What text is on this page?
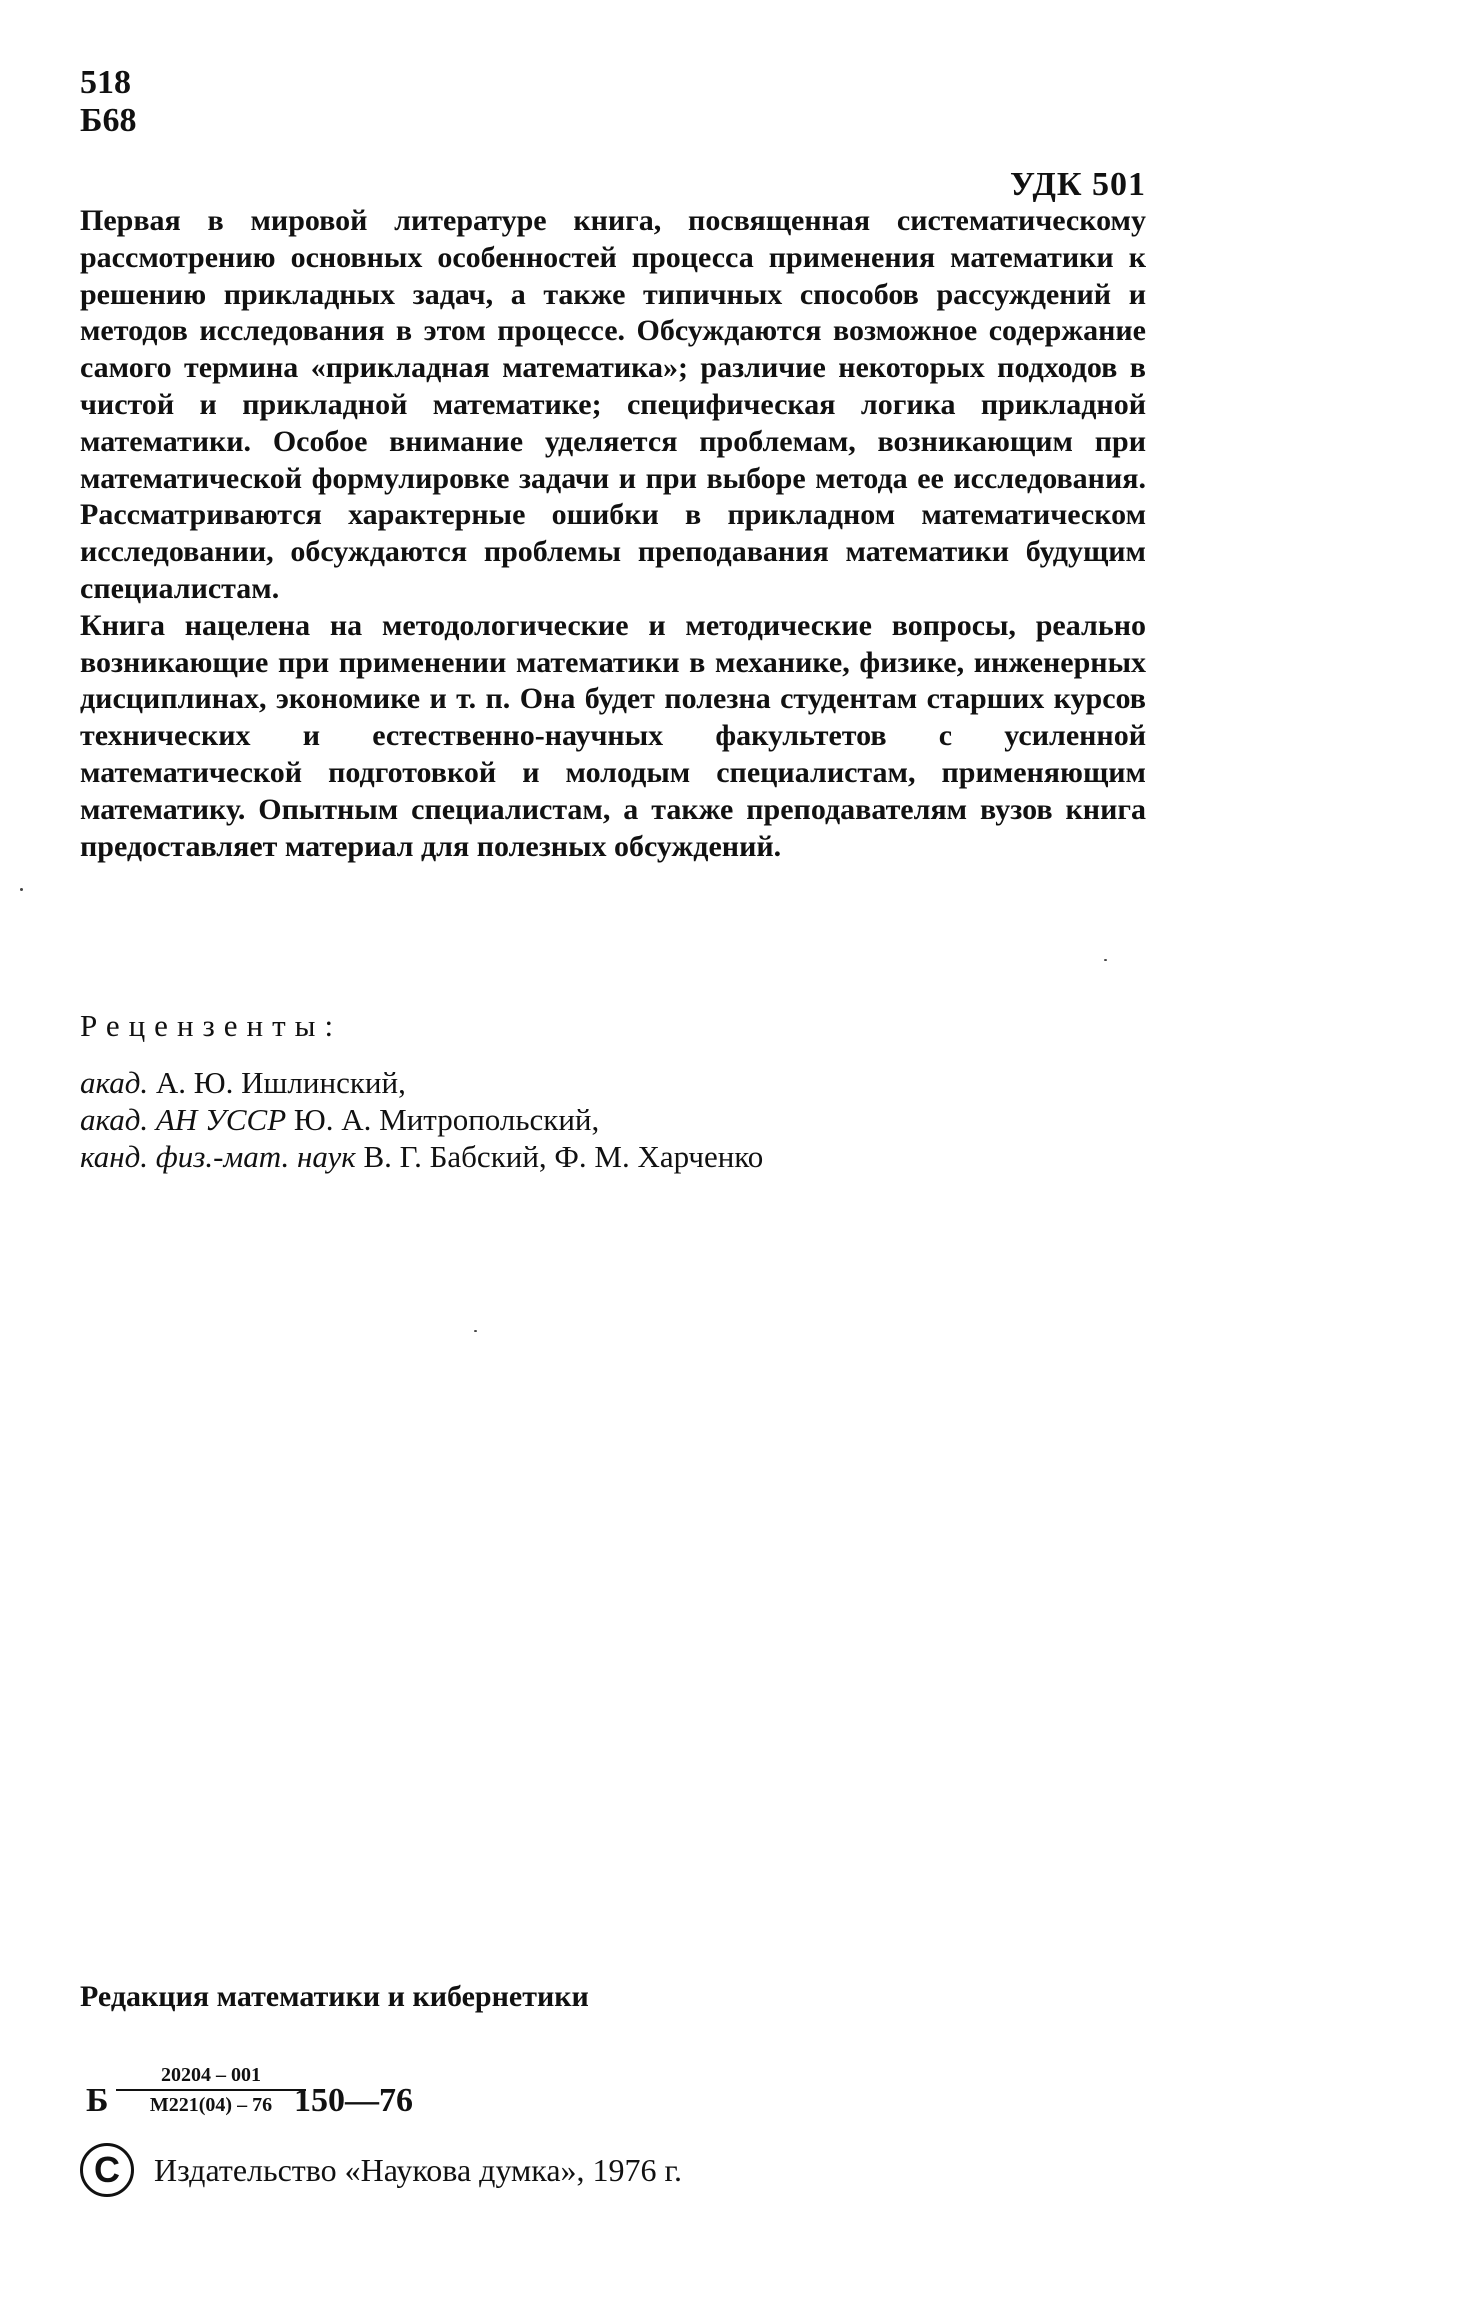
518
Б68
УДК 501

Первая в мировой литературе книга, посвященная систематическому рассмотрению основных особенностей процесса применения математики к решению прикладных задач, а также типичных способов рассуждений и методов исследования в этом процессе. Обсуждаются возможное содержание самого термина «прикладная математика»; различие некоторых подходов в чистой и прикладной математике; специфическая логика прикладной математики. Особое внимание уделяется проблемам, возникающим при математической формулировке задачи и при выборе метода ее исследования. Рассматриваются характерные ошибки в прикладном математическом исследовании, обсуждаются проблемы преподавания математики будущим специалистам.

Книга нацелена на методологические и методические вопросы, реально возникающие при применении математики в механике, физике, инженерных дисциплинах, экономике и т. п. Она будет полезна студентам старших курсов технических и естественно-научных факультетов с усиленной математической подготовкой и молодым специалистам, применяющим математику. Опытным специалистам, а также преподавателям вузов книга предоставляет материал для полезных обсуждений.

Рецензенты:
акад. А. Ю. Ишлинский,
акад. АН УССР Ю. А. Митропольский,
канд. физ.-мат. наук В. Г. Бабский, Ф. М. Харченко
Редакция математики и кибернетики
Б
20204 – 001
М221(04) – 76 150—76
C	Издательство «Наукова думка», 1976 г.
